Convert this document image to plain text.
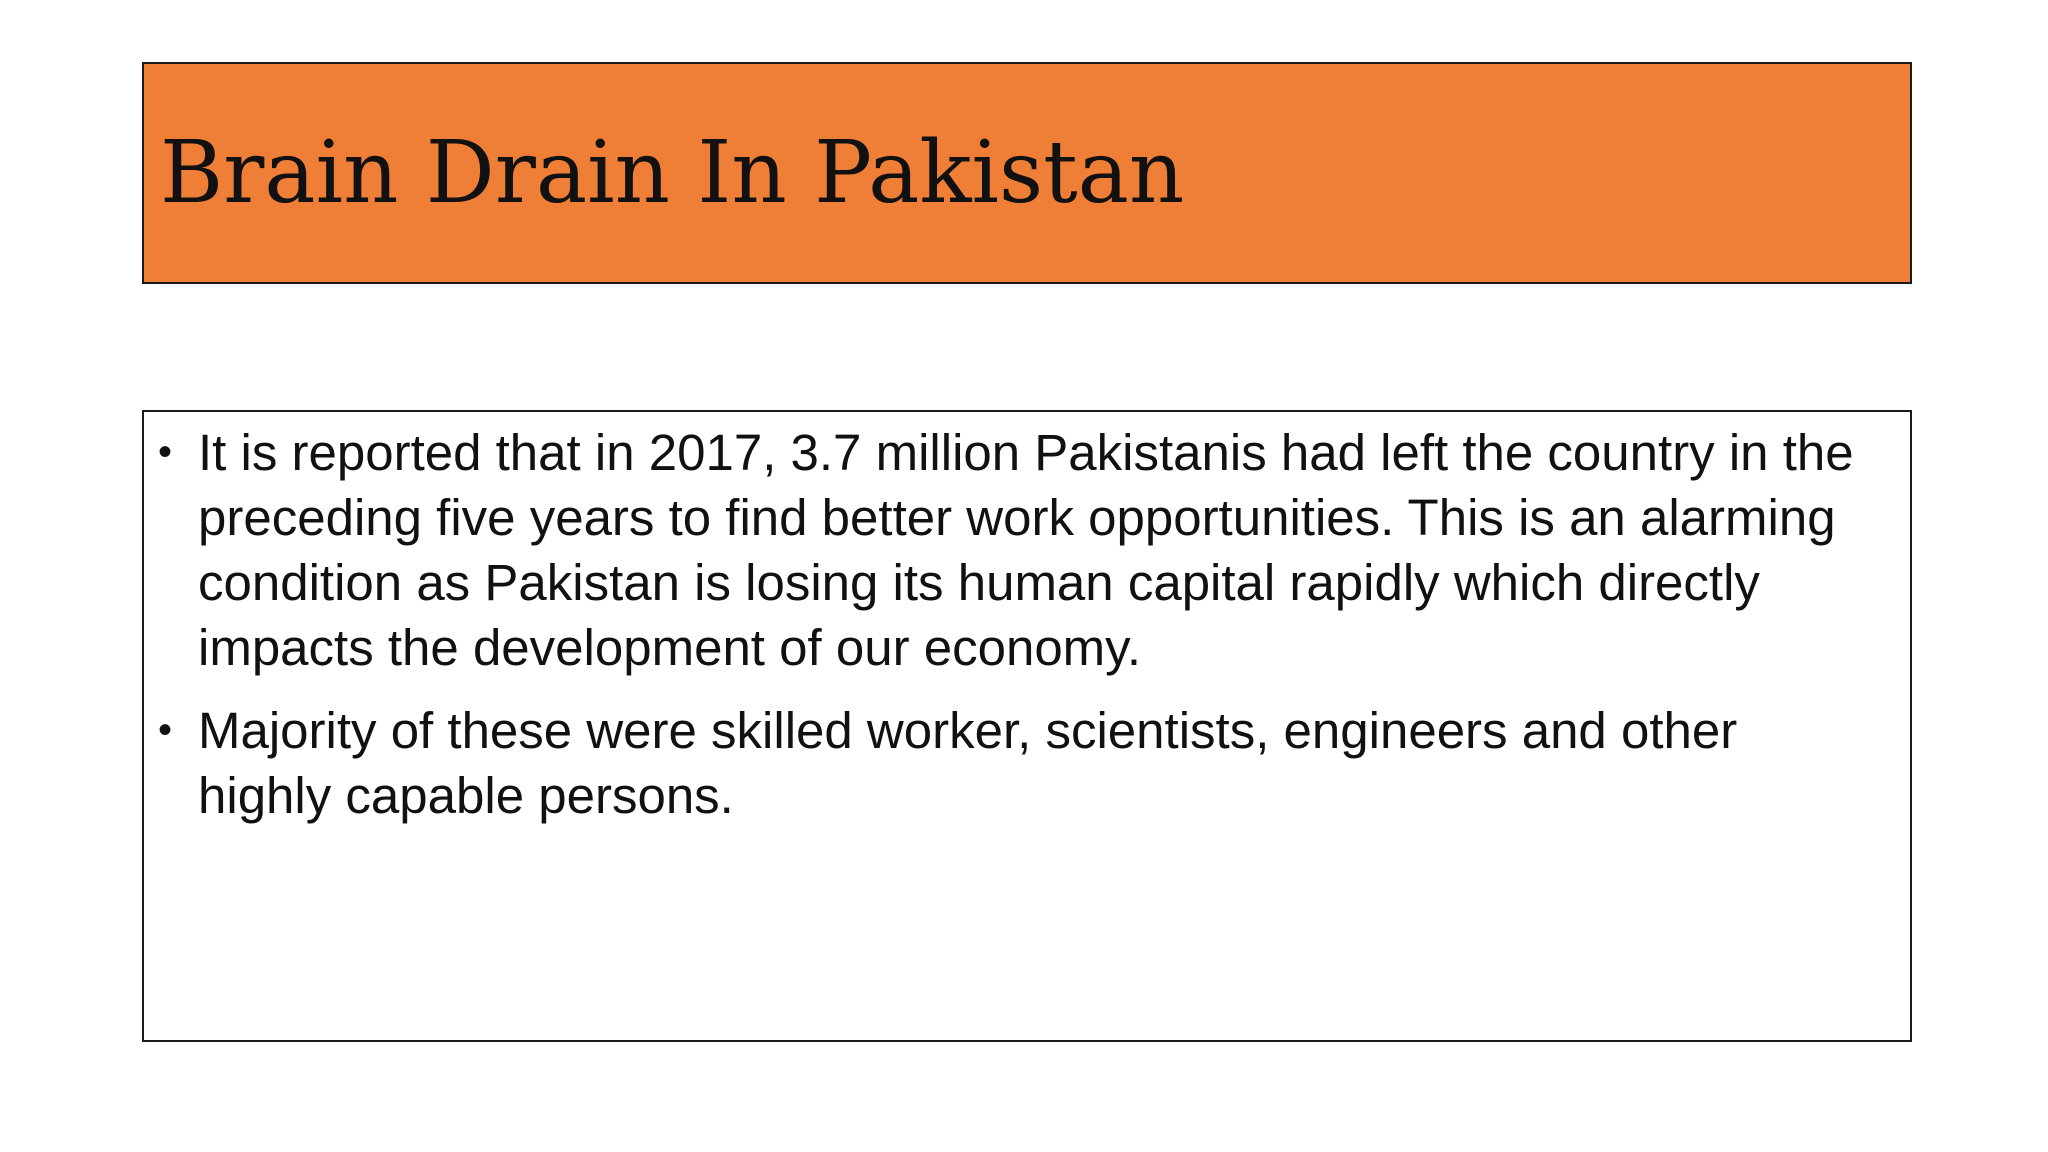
Brain Drain In Pakistan
• It is reported that in 2017, 3.7 million Pakistanis had left the country in the preceding five years to find better work opportunities. This is an alarming condition as Pakistan is losing its human capital rapidly which directly impacts the development of our economy.
• Majority of these were skilled worker, scientists, engineers and other highly capable persons.
